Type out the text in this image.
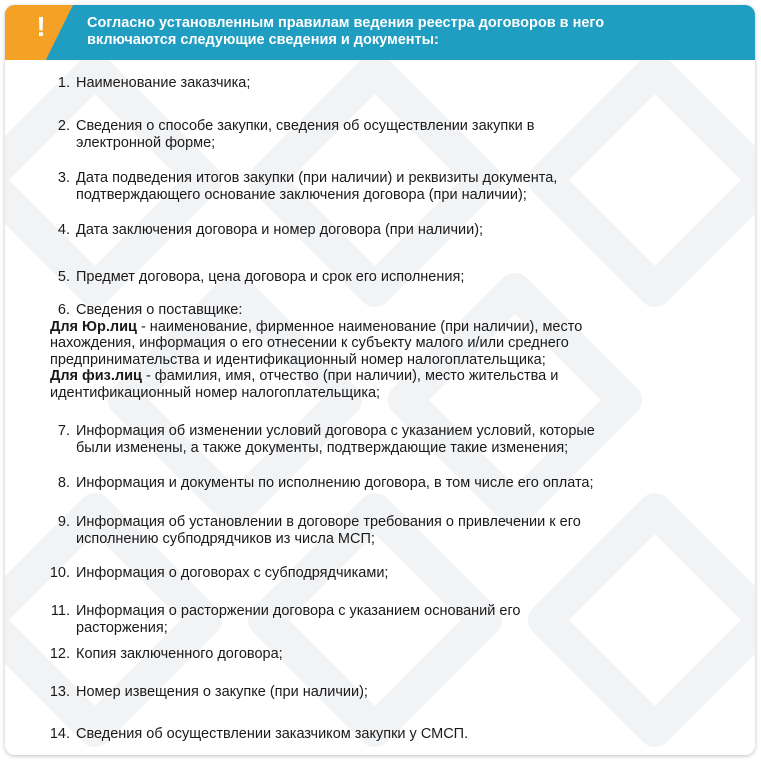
!	Согласно установленным правилам ведения реестра договоров в него включаются следующие сведения и документы:
1. Наименование заказчика;
2. Сведения о способе закупки, сведения об осуществлении закупки в
электронной форме;
3. Дата подведения итогов закупки (при наличии) и реквизиты документа,
подтверждающего основание заключения договора (при наличии);
4. Дата заключения договора и номер договора (при наличии);
5. Предмет договора, цена договора и срок его исполнения;
6. Сведения о поставщике:
Для Юр.лиц - наименование, фирменное наименование (при наличии), место
нахождения, информация о его отнесении к субъекту малого и/или среднего
предпринимательства и идентификационный номер налогоплательщика;
Для физ.лиц - фамилия, имя, отчество (при наличии), место жительства и
идентификационный номер налогоплательщика;
7. Информация об изменении условий договора с указанием условий, которые
были изменены, а также документы, подтверждающие такие изменения;
8. Информация и документы по исполнению договора, в том числе его оплата;
9. Информация об установлении в договоре требования о привлечении к его
исполнению субподрядчиков из числа МСП;
10. Информация о договорах с субподрядчиками;
11. Информация о расторжении договора с указанием оснований его
расторжения;
12. Копия заключенного договора;
13. Номер извещения о закупке (при наличии);
14. Сведения об осуществлении заказчиком закупки у СМСП.
